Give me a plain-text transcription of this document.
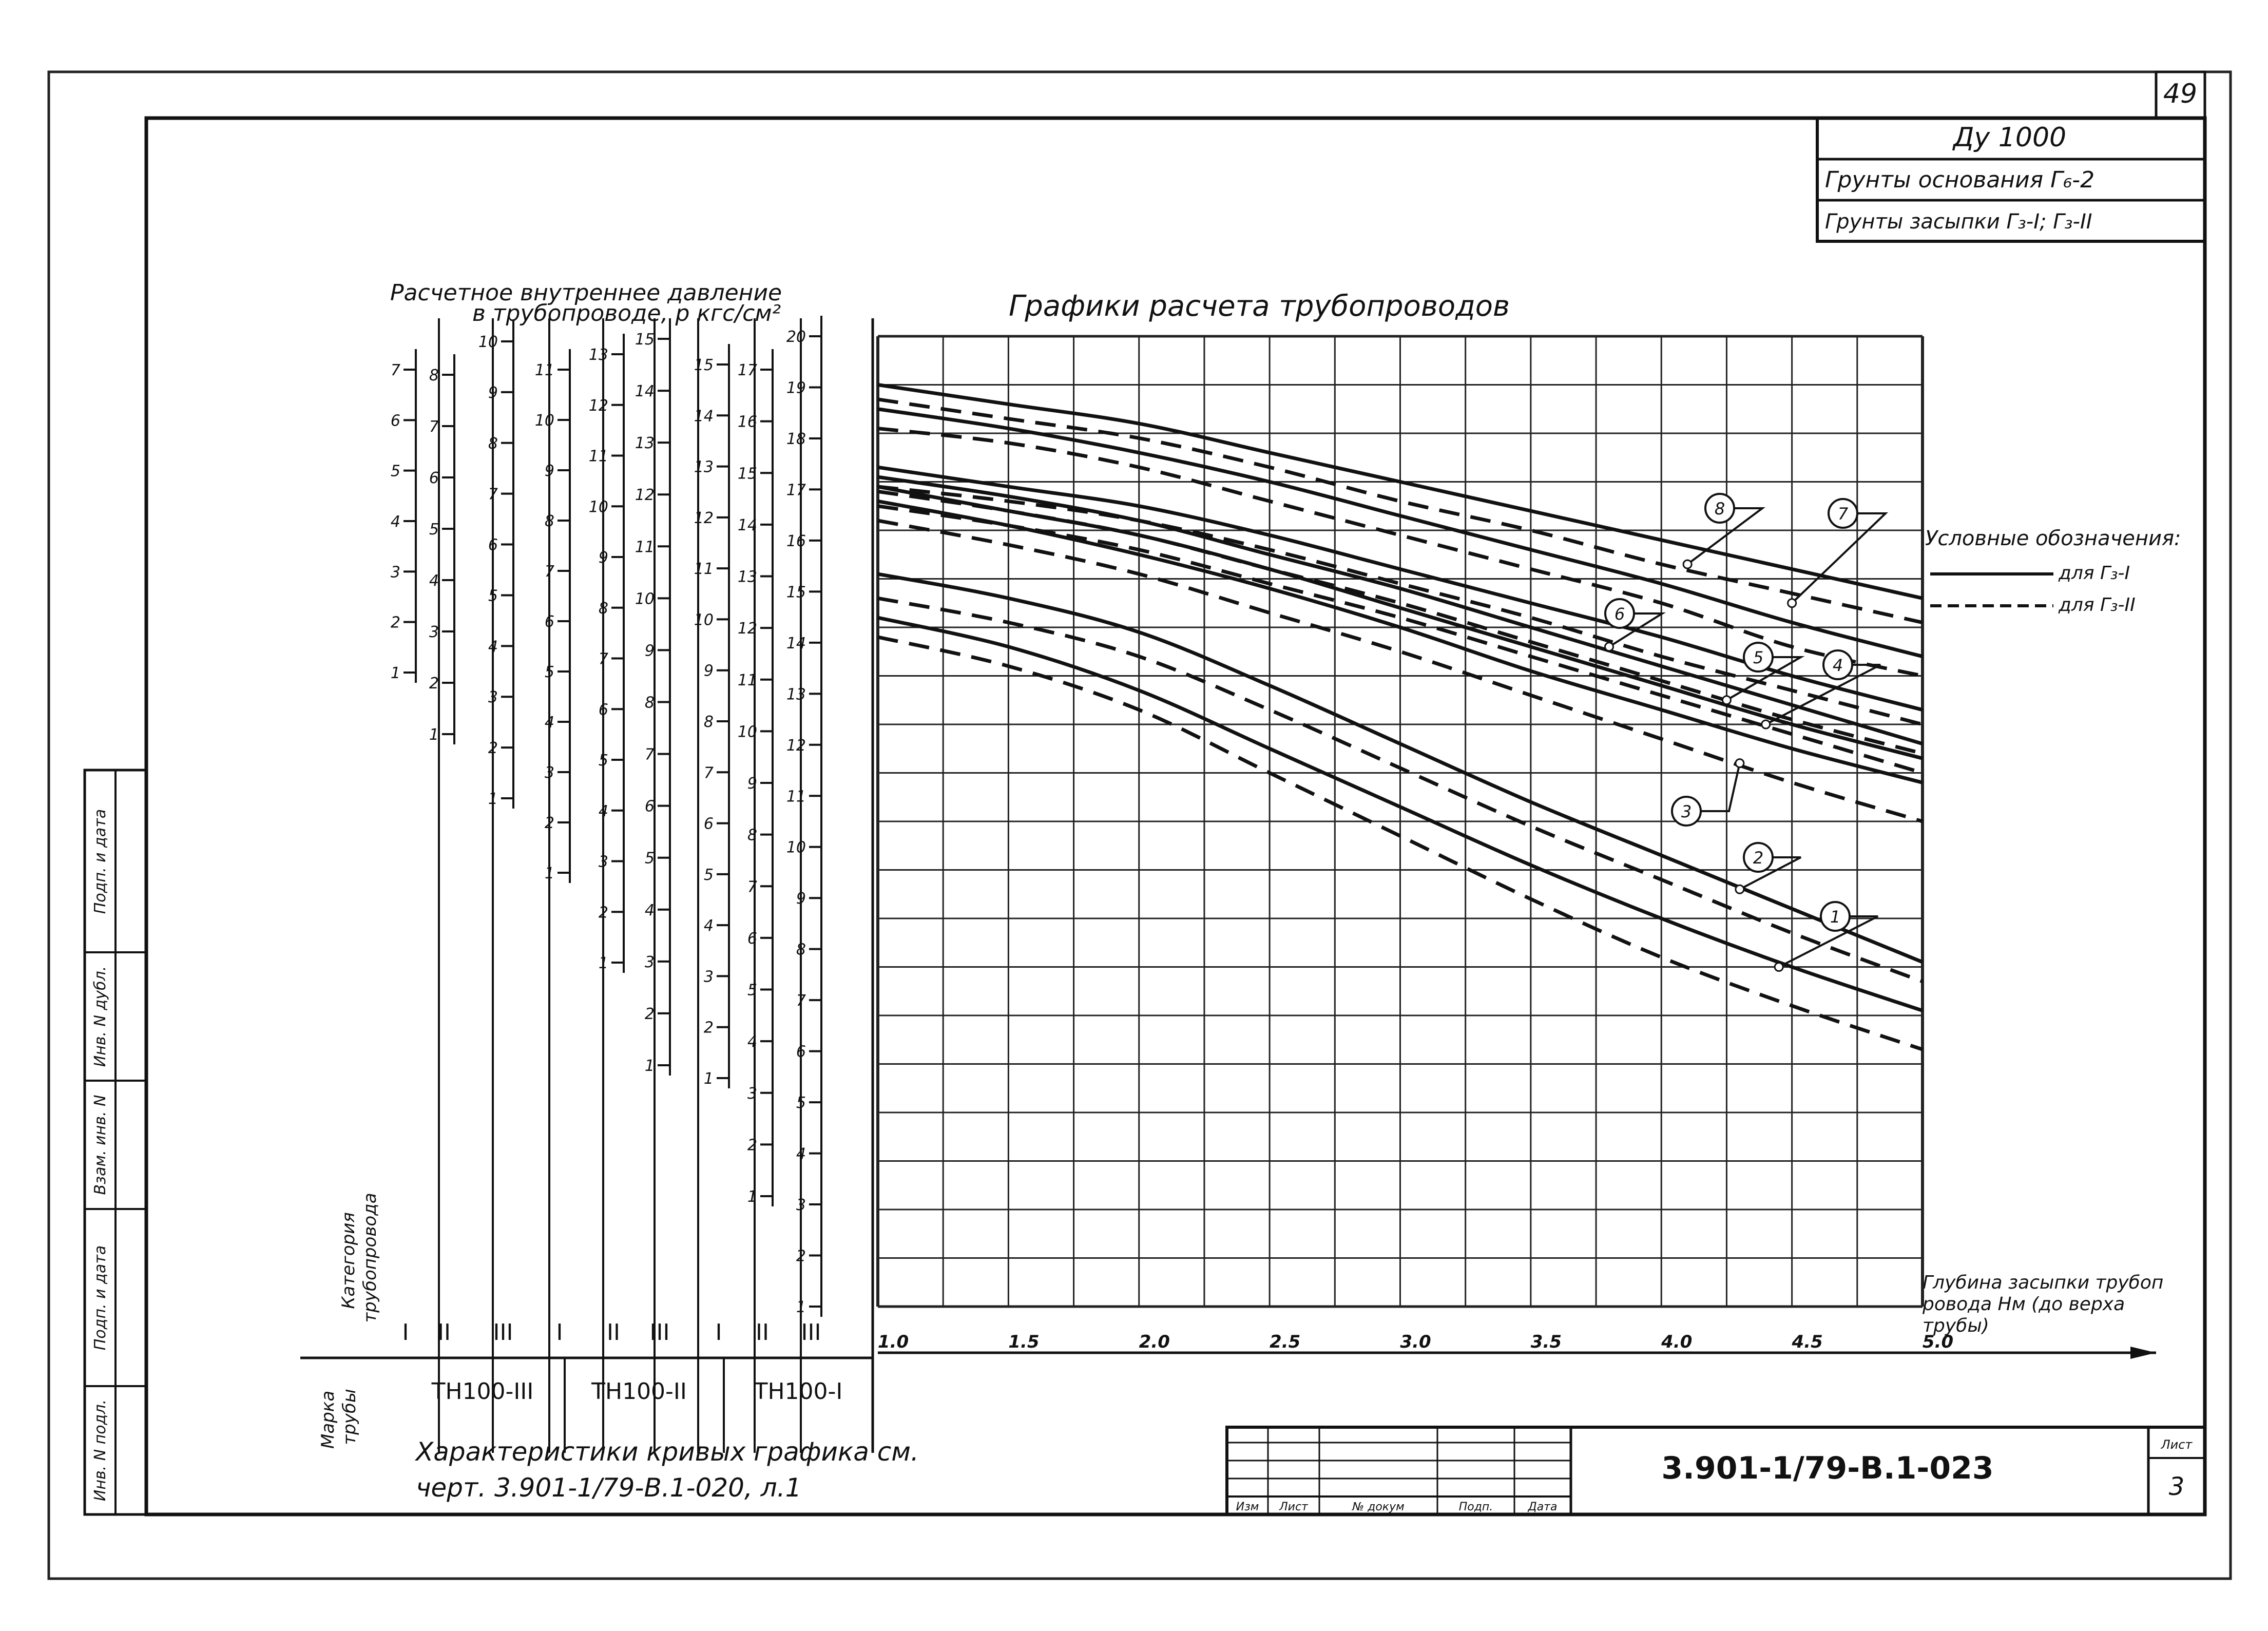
49
Подп. и дата
Инв. N дубл.
Взам. инв. N
Подп. и дата
Инв. N подл.
Ду 1000
Грунты основания Г₆-2
Грунты засыпки Г₃-I; Г₃-II
Изм Лист	№ докум	Подп.	Дата
3.901-1/79-В.1-023
Лист
3
Расчетное внутреннее давление в трубопроводе, р кгс/см²	Графики расчета трубопроводов
Категория трубопровода
Марка трубы
Характеристики кривых графика см.
черт. 3.901-1/79-В.1-020, л.1
Условные обозначения:
для Г₃-I
для Г₃-II
Глубина засыпки трубоп ровода Нм (до верха трубы)
ТН100-III	ТН100-II	ТН100-I
1
2
3
4
5
6
7
I
1
2
3
4
5
6
7
8
II
1
2
3
4
5
6
7
8
9
10
III
1
2
3
4
5
6
7
8
9
10
11
I
1
2
3
4
5
6
7
8
9
10
11
12
13
II
1
2
3
4
5
6
7
8
9
10
11
12
13
14
15
III
1
2
3
4
5
6
7
8
9
10
11
12
13
14
15
I
1
2
3
4
5
6
7
8
9
10
11
12
13
14
15
16
17
II
1
2
3
4
5
6
7
8
9
10
11
12
13
14
15
16
17
18
19
20
III
1
2
3
4
5
6
7
8
1.0	1.5	2.0	2.5	3.0	3.5	4.0	4.5	5.0
